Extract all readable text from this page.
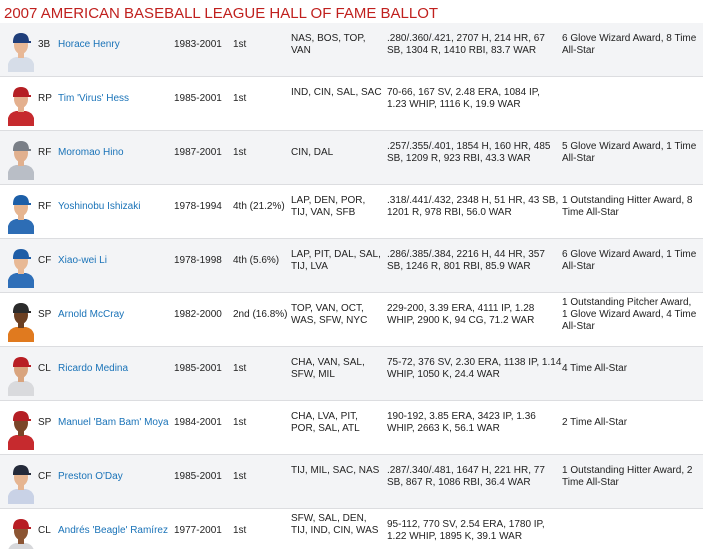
2007 AMERICAN BASEBALL LEAGUE HALL OF FAME BALLOT
3B Horace Henry	1983-2001 1st
NAS, BOS, TOP, VAN
.280/.360/.421, 2707 H, 214 HR, 67 SB, 1304 R, 1410 RBI, 83.7 WAR
6 Glove Wizard Award, 8 Time All-Star
RP Tim 'Virus' Hess	1985-2001 1st
IND, CIN, SAL, SAC 70-66, 167 SV, 2.48 ERA, 1084 IP, 1.23 WHIP, 1116 K, 19.9 WAR
RF Moromao Hino	1987-2001 1st	CIN, DAL
.257/.355/.401, 1854 H, 160 HR, 485 SB, 1209 R, 923 RBI, 43.3 WAR
5 Glove Wizard Award, 1 Time All-Star
RF Yoshinobu Ishizaki	1978-1994 4th (21.2%)
LAP, DEN, POR, TIJ, VAN, SFB
.318/.441/.432, 2348 H, 51 HR, 43 SB, 1201 R, 978 RBI, 56.0 WAR
1 Outstanding Hitter Award, 8 Time All-Star
CF Xiao-wei Li	1978-1998 4th (5.6%)
LAP, PIT, DAL, SAL, TIJ, LVA
.286/.385/.384, 2216 H, 44 HR, 357 SB, 1246 R, 801 RBI, 85.9 WAR
6 Glove Wizard Award, 1 Time All-Star
SP Arnold McCray	1982-2000 2nd (16.8%)
TOP, VAN, OCT, WAS, SFW, NYC
229-200, 3.39 ERA, 4111 IP, 1.28 WHIP, 2900 K, 94 CG, 71.2 WAR
1 Outstanding Pitcher Award, 1 Glove Wizard Award, 4 Time All-Star
CL Ricardo Medina	1985-2001 1st
CHA, VAN, SAL, SFW, MIL
75-72, 376 SV, 2.30 ERA, 1138 IP, 1.14 WHIP, 1050 K, 24.4 WAR
4 Time All-Star
SP Manuel 'Bam Bam' Moya 1984-2001 1st
CHA, LVA, PIT, POR, SAL, ATL
190-192, 3.85 ERA, 3423 IP, 1.36 WHIP, 2663 K, 56.1 WAR
2 Time All-Star
CF Preston O'Day	1985-2001 1st
TIJ, MIL, SAC, NAS .287/.340/.481, 1647 H, 221 HR, 77 SB, 867 R, 1086 RBI, 36.4 WAR
1 Outstanding Hitter Award, 2 Time All-Star
CL Andrés 'Beagle' Ramírez 1977-2001 1st
SFW, SAL, DEN, TIJ, IND, CIN, WAS
95-112, 770 SV, 2.54 ERA, 1780 IP, 1.22 WHIP, 1895 K, 39.1 WAR
